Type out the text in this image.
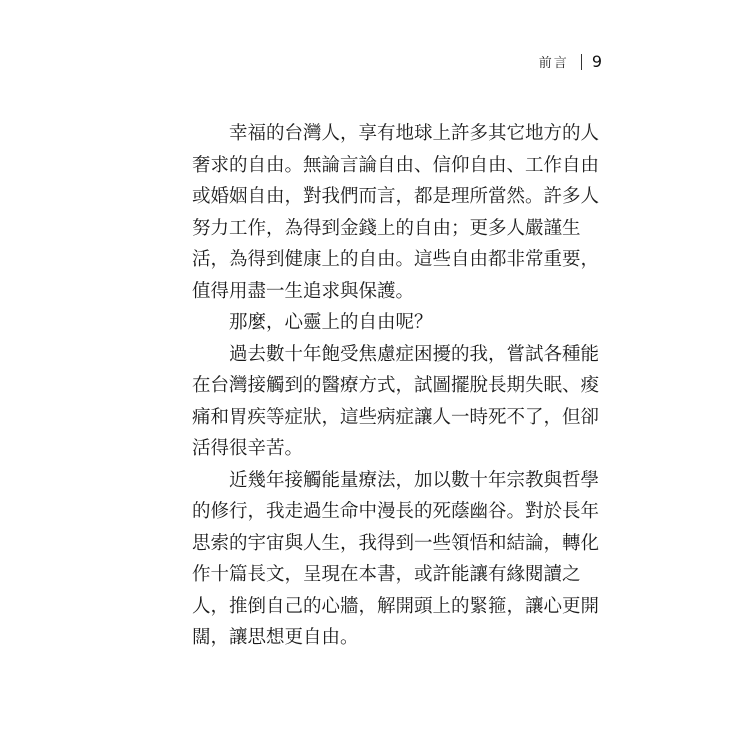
前言 9
幸福的台灣人，享有地球上許多其它地方的人
奢求的自由。無論言論自由、信仰自由、工作自由
或婚姻自由，對我們而言，都是理所當然。許多人
努力工作，為得到金錢上的自由；更多人嚴謹生
活，為得到健康上的自由。這些自由都非常重要，
值得用盡一生追求與保護。
那麼，心靈上的自由呢？
過去數十年飽受焦慮症困擾的我，嘗試各種能
在台灣接觸到的醫療方式，試圖擺脫長期失眠、痠
痛和胃疾等症狀，這些病症讓人一時死不了，但卻
活得很辛苦。
近幾年接觸能量療法，加以數十年宗教與哲學
的修行，我走過生命中漫長的死蔭幽谷。對於長年
思索的宇宙與人生，我得到一些領悟和結論，轉化
作十篇長文，呈現在本書，或許能讓有緣閱讀之
人，推倒自己的心牆，解開頭上的緊箍，讓心更開
闊，讓思想更自由。
